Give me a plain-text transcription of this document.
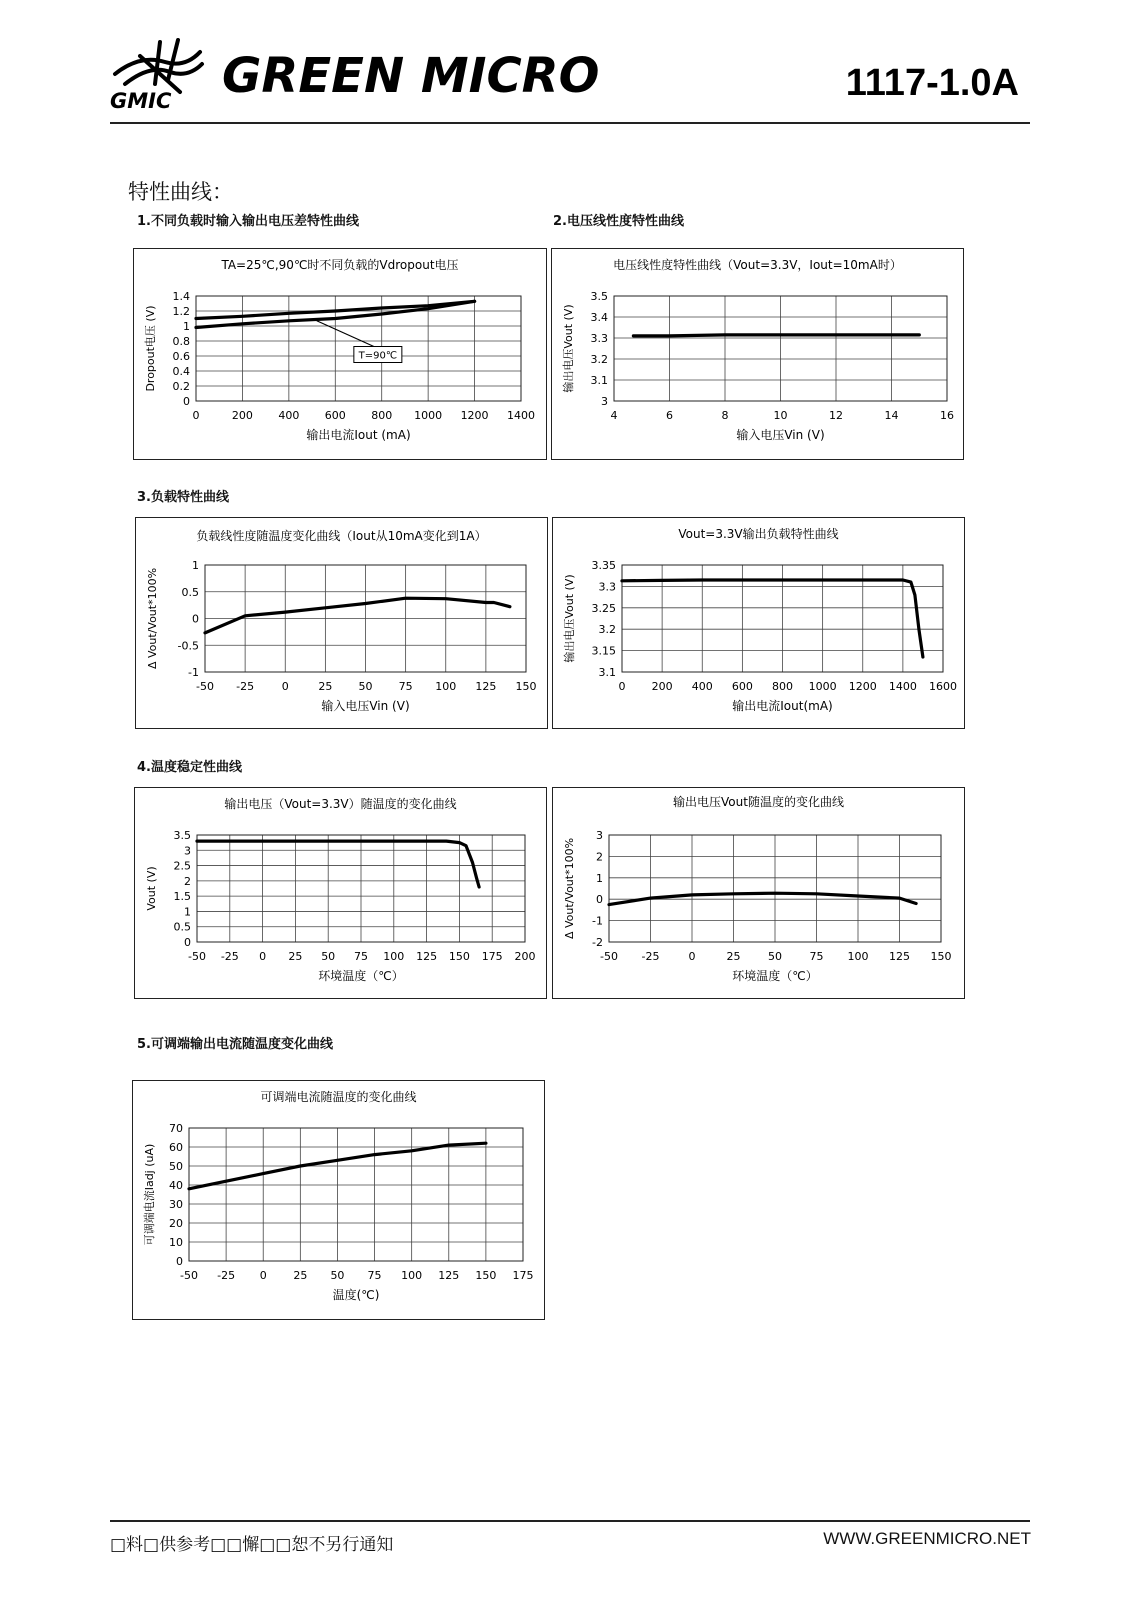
GMIC GREEN MICRO	1117-1.0A
特性曲线：
1.不同负载时输入输出电压差特性曲线	2.电压线性度特性曲线
3.负载特性曲线
4.温度稳定性曲线
5.可调端输出电流随温度变化曲线
TA=25℃,90℃时不同负载的Vdropout电压
0	200 400 600 800 1000 1200 1400
0
0.2
0.4
0.6
0.8
1
1.2
1.4
输出电流Iout (mA)
Dropout电压 (V)	T=90℃
电压线性度特性曲线（Vout=3.3V，Iout=10mA时）
4	6	8	10	12	14	16
3
3.1
3.2
3.3
3.4
3.5
输入电压Vin (V)
输出电压Vout (V)
负载线性度随温度变化曲线（Iout从10mA变化到1A）
-50 -25	0	25 50 75 100 125 150
-1
-0.5
0
0.5
1
输入电压Vin (V)
Δ Vout/Vout*100%
Vout=3.3V输出负载特性曲线
0 200 400 600 800 1000 1200 1400 1600
3.1
3.15
3.2
3.25
3.3
3.35
输出电流Iout(mA)
输出电压Vout (V)
输出电压（Vout=3.3V）随温度的变化曲线
-50 -25 0 25 50 75 100 125 150 175 200
0
0.5
1
1.5
2
2.5
3
3.5
环境温度（℃）
Vout (V)
输出电压Vout随温度的变化曲线
-50 -25	0	25	50	75 100 125 150
-2
-1
0
1
2
3
环境温度（℃）
Δ Vout/Vout*100%
可调端电流随温度的变化曲线
-50 -25 0 25 50 75 100 125 150 175
0
10
20
30
40
50
60
70
温度(℃)
可调端电流Iadj (uA)
□料□供参考□□懈□□恕不另行通知	WWW.GREENMICRO.NET
